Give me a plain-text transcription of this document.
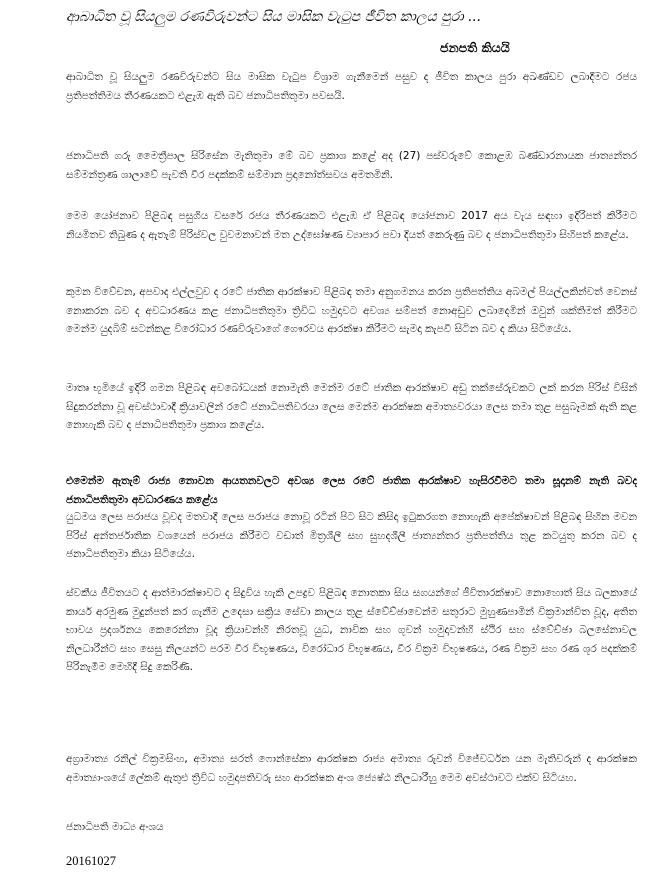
ආබාධිත වූ සියලුම රණවිරුවන්ට සිය මාසික වැටුප ජීවිත කාලය පුරා ...
ජනපති කියයි

ආබාධිත වූ සියලුම රණවිරුවන්ට සිය මාසික වැටුප විශ්‍රාම ගැනීමෙන් පසුව ද ජීවිත කාලය පුරා අඛණ්ඩව ලබාදීමට රජය ප්‍රතිපත්තිමය තීරණයකට එළැඹ ඇති බව ජනාධිපතිතුමා පවසයි.

ජනාධිපති ගරු මෛත්‍රීපාල සිරිසේන මැතිතුමා මේ බව ප්‍රකාශ කළේ අද (27) පස්වරුවේ කොළඹ බණ්ඩාරනායක ජාත්‍යන්තර සම්මන්ත්‍රණ ශාලාවේ පැවති වීර පදක්කම් සම්මාන ප්‍රදානෝත්සවය අමතමිනි.

මෙම යෝජනාව පිළිබඳ පසුගිය වසරේ රජය තීරණයකට එළැඹ ඒ පිළිබඳ යෝජනාව 2017 අය වැය සඳහා ඉදිරිපත් කිරීමට නියමිතව තිබුණ ද ඇතැම් පිරිස්වල වුවමනාවන් මත උද්ඝෝෂණ ව්‍යාපාර පවා දියත් කෙරුණු බව ද ජනාධිපතිතුමා සිහිපත් කළේය.

කුමන විවේචන, අපවාද එල්ලවුව ද රටේ ජාතික ආරක්ෂාව පිළිබඳ තමා අනුගමනය කරන ප්‍රතිපත්තිය අබමල් පියල්ලකින්වත් වෙනස් නොකරන බව ද අවධාරණය කළ ජනාධිපතිතුමා ත්‍රිවිධ හමුදාවට අවශ්‍ය සම්පත් නොඅඩුව ලබාදෙමින් ඔවුන් ශක්තිමත් කිරීමට මෙන්ම යුදබිම් සටන්කළ විරෝධාර රණවිරුවාගේ ගෞරවය ආරක්ෂා කිරීමට සැමදා කැපවී සිටින බව ද කියා සිටියේය.

මාතෘ භූමියේ ඉදිරි ගමන පිළිබඳ අවබෝධයක් නොමැති මෙන්ම රටේ ජාතික ආරක්ෂාව අඩු තක්සේරුවකට ලක් කරන පිරිස් විසින් සිදුකරන්නා වූ අවස්ථාවාදී ක්‍රියාවලින් රටේ ජනාධිපතිවරයා ලෙස මෙන්ම ආරක්ෂක අමාත්‍යවරයා ලෙස තමා තුළ පසුබෑමක් ඇති කළ නොහැකි බව ද ජනාධිපතිතුමා ප්‍රකාශ කළේය.

එමෙන්ම ඇතැම් රාජ්‍ය නොවන ආයතනවලට අවශ්‍ය ලෙස රටේ ජාතික ආරක්ෂාව හැසිරවීමට තමා සූදානම් නැති බවද ජනාධිපතිතුමා අවධාරණය කළේය

යුධමය ලෙස පරාජය වූවද මතවාදී ලෙස පරාජය නොවූ රටින් පිට සිට කිසිදා ඉටුකරගත නොහැකි අපේක්ෂාවන් පිළිබඳ සිහින මවන පිරිස් අන්තර්ජාතික වශයෙන් පරාජය කිරීමට වඩාත් මිත්‍රශීලී සහ සුහදශීලී ජාත්‍යන්තර ප්‍රතිපත්තිය තුළ කටයුතු කරන බව ද ජනාධිපතිතුමා කියා සිටියේය.

ස්වකීය ජීවිතයට ද ආත්මාරක්ෂාවට ද සිදුවිය හැකි උපද්‍රව පිළිබඳ නොතකා සිය සගයන්ගේ ජීවිතාරක්ෂාව නොහොත් සිය බලකායේ කාර්ය අරමුණ මුදුන්පත් කර ගැනීම උදෙසා සක්‍රිය සේවා කාලය තුළ ස්වේච්ඡාවෙන්ම සතුරාට මුහුණපාමින් වික්‍රමාන්විත වූද, අතිත භාවය ප්‍රදර්ශනය කෙරෙන්නා වූද ක්‍රියාවන්හි නිරතවූ යුධ, නාවික සහ ගුවන් හමුදාවන්හි ස්ථිර සහ ස්වේච්ඡා බලසේනාවල නිලධාරීන්ට සහ සෙසු නිලයන්ට පරම වීර විභූෂණය, විරෝධාර විභූෂණය, වීර වික්‍රම විභූෂණය, රණ වික්‍රම සහ රණ ශූර පදක්කම් පිරිනැමීම මෙහිදී සිදු කෙරිණි.

අග්‍රාමාත්‍ය රනිල් වික්‍රමසිංහ, අමාත්‍ය සරත් ෆොන්සේකා ආරක්ෂක රාජ්‍ය අමාත්‍ය රුවන් විජේවර්ධන යන මැතිවරුන් ද ආරක්ෂක අමාත්‍යාංශයේ ලේකම් ඇතුළු ත්‍රිවිධ හමුදාපතිවරු සහ ආරක්ෂක අංශ ජ්‍යෙෂ්ඨ නිලධාරීහු මෙම අවස්ථාවට එක්ව සිටියහ.

ජනාධිපති මාධ්‍ය අංශය
20161027
